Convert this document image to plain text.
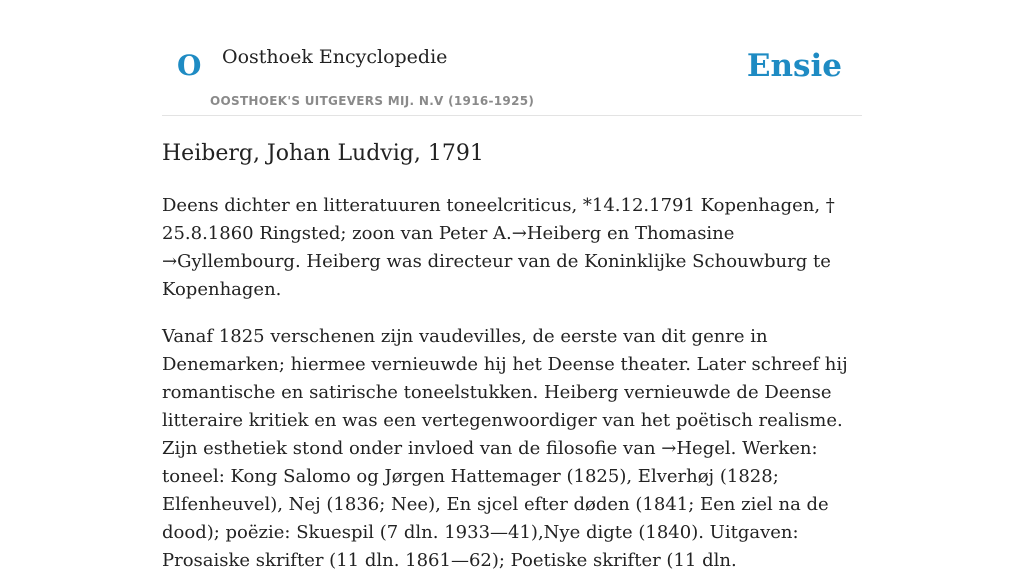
O Oosthoek Encyclopedie
OOSTHOEK'S UITGEVERS MIJ. N.V (1916-1925)
Ensie
Heiberg, Johan Ludvig, 1791

Deens dichter en litteratuuren toneelcriticus, *14.12.1791 Kopenhagen, † 25.8.1860 Ringsted; zoon van Peter A.→Heiberg en Thomasine →Gyllembourg. Heiberg was directeur van de Koninklijke Schouwburg te Kopenhagen.

Vanaf 1825 verschenen zijn vaudevilles, de eerste van dit genre in Denemarken; hiermee vernieuwde hij het Deense theater. Later schreef hij romantische en satirische toneelstukken. Heiberg vernieuwde de Deense litteraire kritiek en was een vertegenwoordiger van het poëtisch realisme. Zijn esthetiek stond onder invloed van de filosofie van →Hegel. Werken: toneel: Kong Salomo og Jørgen Hattemager (1825), Elverhøj (1828; Elfenheuvel), Nej (1836; Nee), En sjcel efter døden (1841; Een ziel na de dood); poëzie: Skuespil (7 dln. 1933—41),Nye digte (1840). Uitgaven: Prosaiske skrifter (11 dln. 1861—62); Poetiske skrifter (11 dln.
